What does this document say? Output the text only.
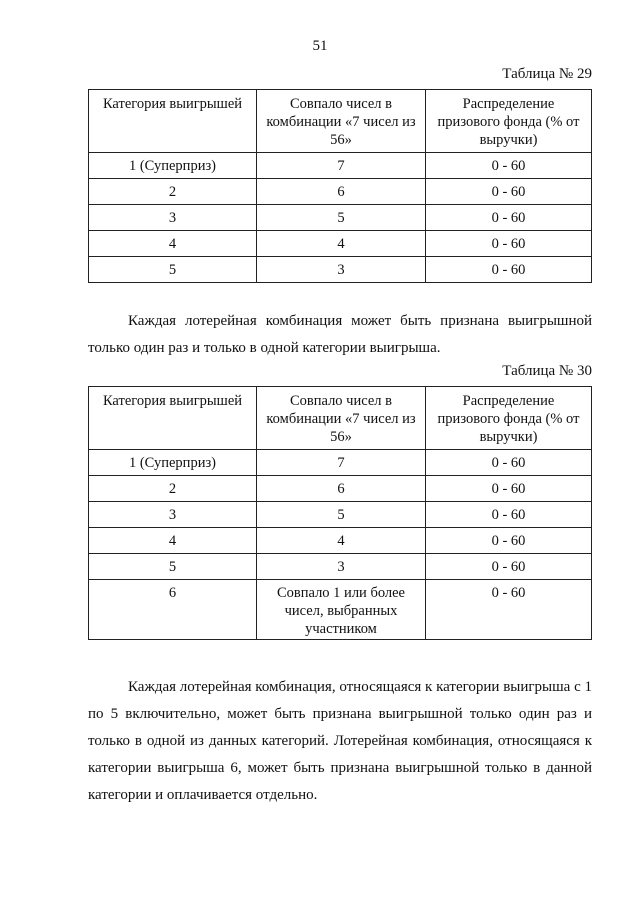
51
Таблица № 29
Категория выигрышей	Совпало чисел в комбинации «7 чисел из 56»	Распределение призового фонда (% от выручки)
1 (Суперприз)	7	0 - 60
2	6	0 - 60
3	5	0 - 60
4	4	0 - 60
5	3	0 - 60

Каждая лотерейная комбинация может быть признана выигрышной только один раз и только в одной категории выигрыша.

Таблица № 30
Категория выигрышей	Совпало чисел в комбинации «7 чисел из 56»	Распределение призового фонда (% от выручки)
1 (Суперприз)	7	0 - 60
2	6	0 - 60
3	5	0 - 60
4	4	0 - 60
5	3	0 - 60
6	Совпало 1 или более чисел, выбранных участником	0 - 60

Каждая лотерейная комбинация, относящаяся к категории выигрыша с 1 по 5 включительно, может быть признана выигрышной только один раз и только в одной из данных категорий. Лотерейная комбинация, относящаяся к категории выигрыша 6, может быть признана выигрышной только в данной категории и оплачивается отдельно.
